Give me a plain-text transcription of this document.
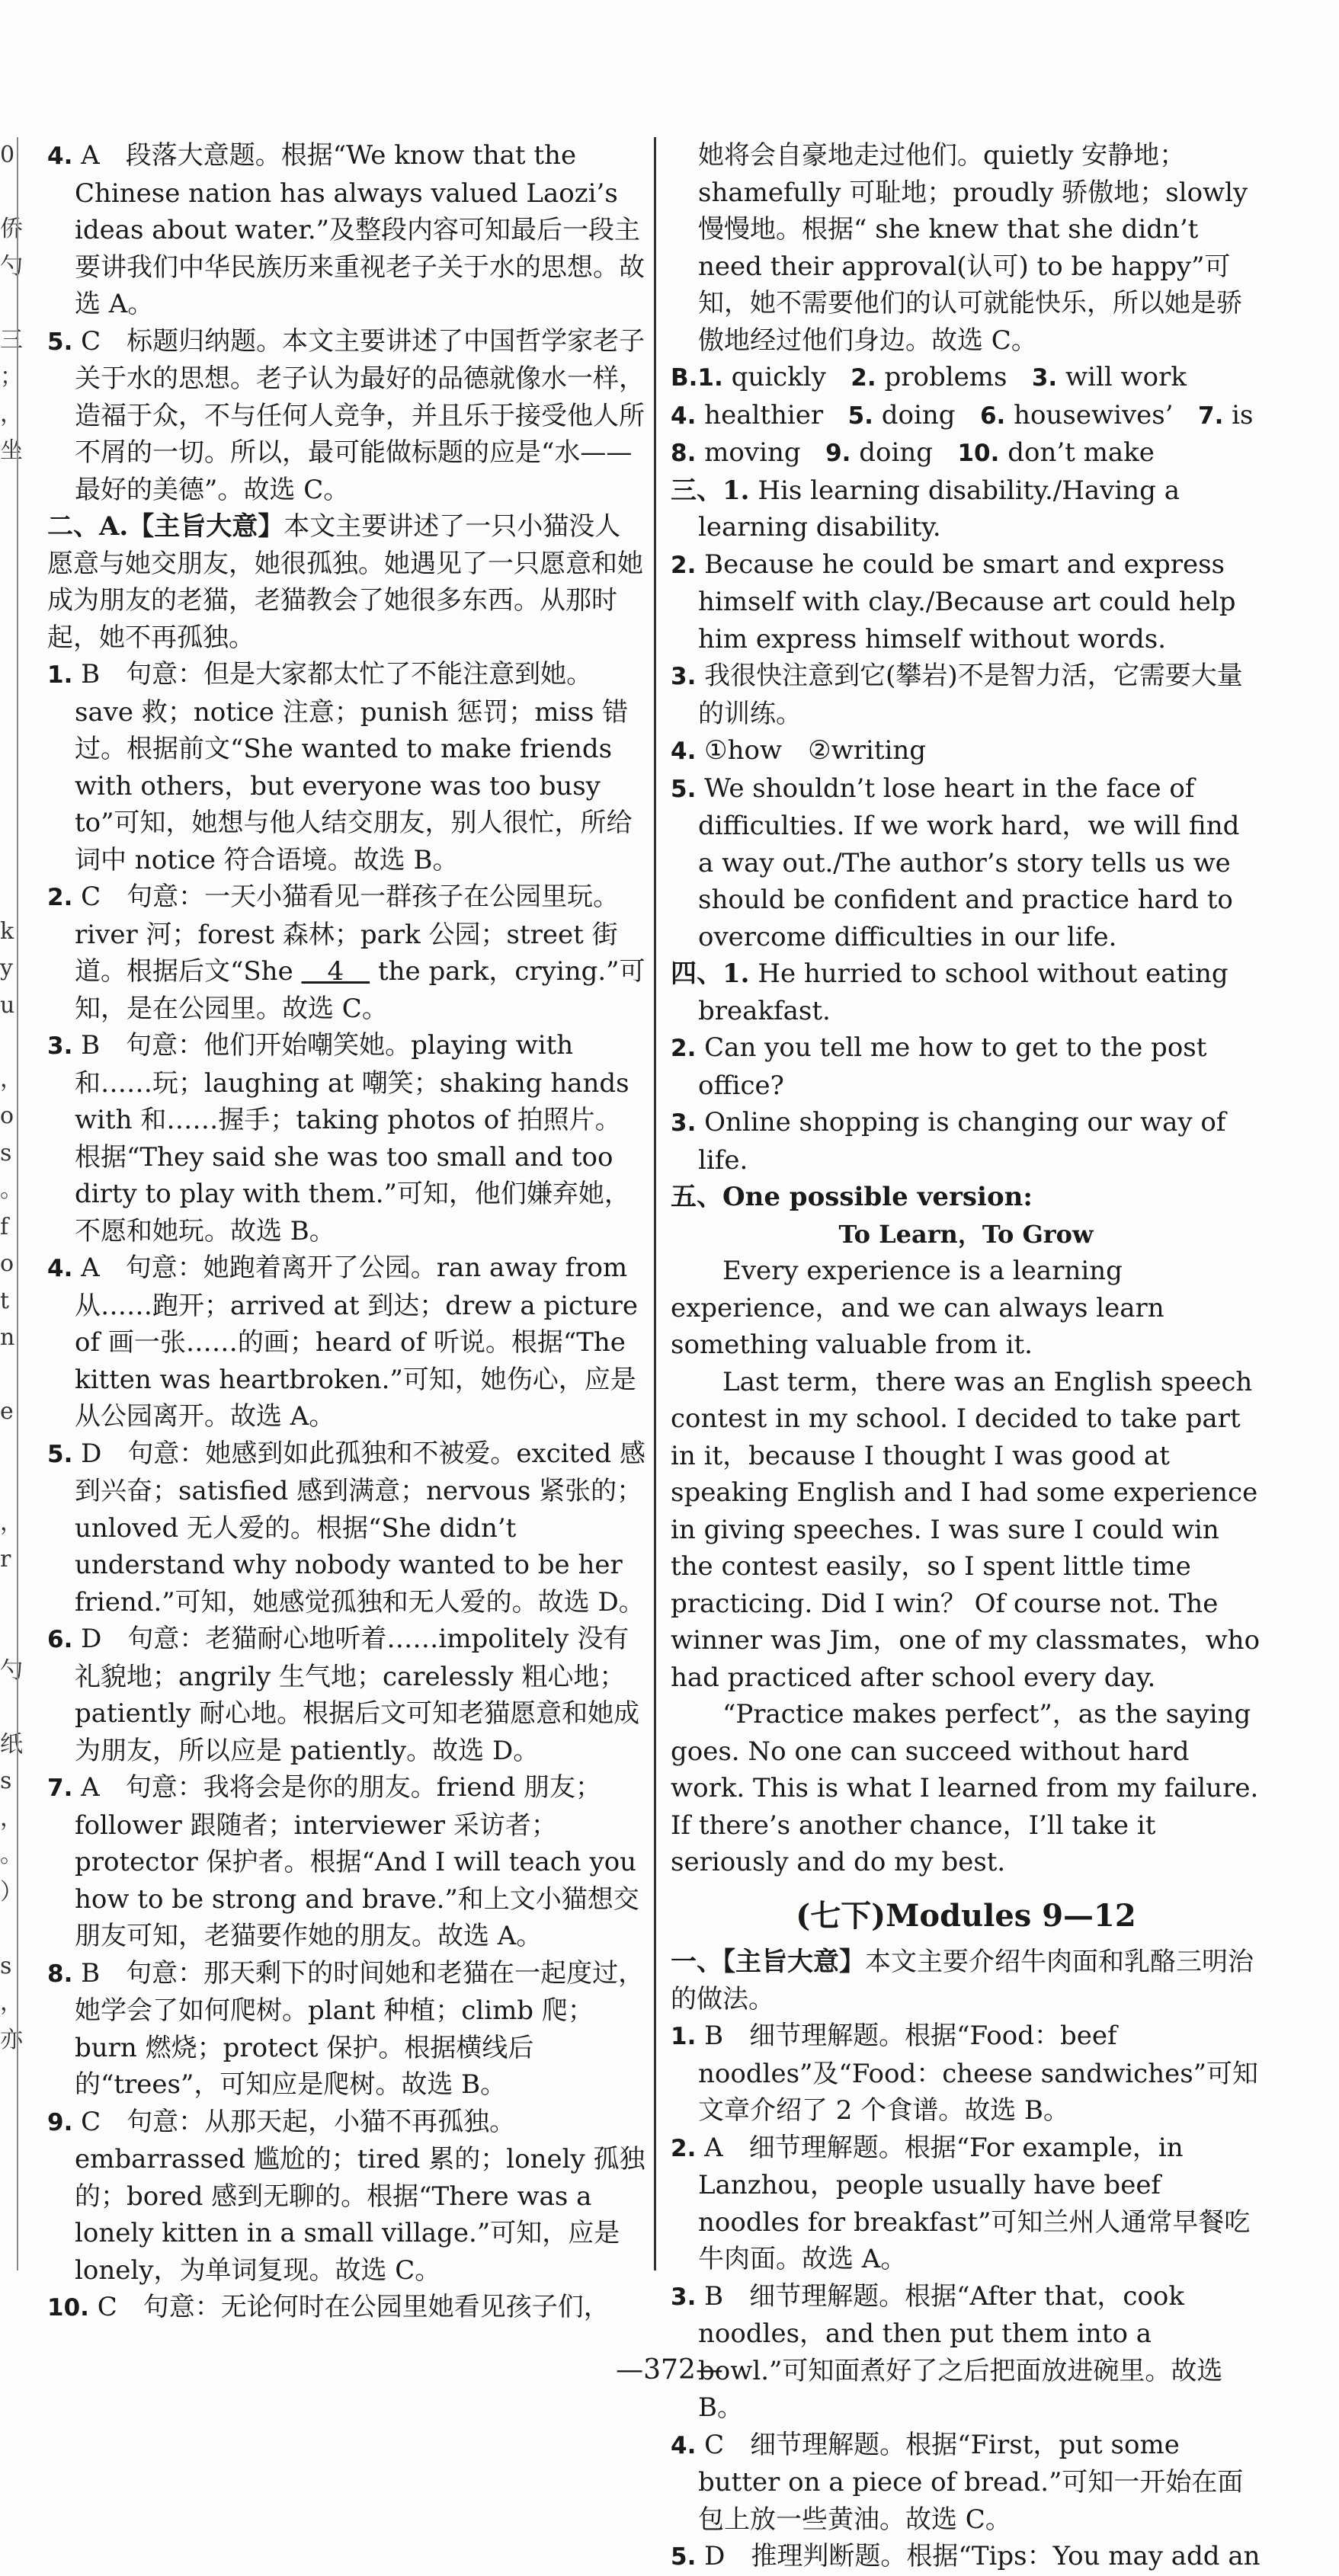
0

侨
勺

三
；
，
坐

k
y
u

，
o
s
。
f
o
t
n

e

，
r

勺

纸
s
，
。
）

s
，
亦

4. A　段落大意题。根据“We know that the Chinese nation has always valued Laozi’s ideas about water.”及整段内容可知最后一段主要讲我们中华民族历来重视老子关于水的思想。故选 A。

5. C　标题归纳题。本文主要讲述了中国哲学家老子关于水的思想。老子认为最好的品德就像水一样，造福于众，不与任何人竞争，并且乐于接受他人所不屑的一切。所以，最可能做标题的应是“水——最好的美德”。故选 C。

二、A.【主旨大意】本文主要讲述了一只小猫没人愿意与她交朋友，她很孤独。她遇见了一只愿意和她成为朋友的老猫，老猫教会了她很多东西。从那时起，她不再孤独。

1. B　句意：但是大家都太忙了不能注意到她。save 救；notice 注意；punish 惩罚；miss 错过。根据前文“She wanted to make friends with others，but everyone was too busy to”可知，她想与他人结交朋友，别人很忙，所给词中 notice 符合语境。故选 B。

2. C　句意：一天小猫看见一群孩子在公园里玩。river 河；forest 森林；park 公园；street 街道。根据后文“She 　4　 the park，crying.”可知，是在公园里。故选 C。

3. B　句意：他们开始嘲笑她。playing with 和……玩；laughing at 嘲笑；shaking hands with 和……握手；taking photos of 拍照片。根据“They said she was too small and too dirty to play with them.”可知，他们嫌弃她，不愿和她玩。故选 B。

4. A　句意：她跑着离开了公园。ran away from 从……跑开；arrived at 到达；drew a picture of 画一张……的画；heard of 听说。根据“The kitten was heartbroken.”可知，她伤心，应是从公园离开。故选 A。

5. D　句意：她感到如此孤独和不被爱。excited 感到兴奋；satisfied 感到满意；nervous 紧张的；unloved 无人爱的。根据“She didn’t understand why nobody wanted to be her friend.”可知，她感觉孤独和无人爱的。故选 D。

6. D　句意：老猫耐心地听着……impolitely 没有礼貌地；angrily 生气地；carelessly 粗心地；patiently 耐心地。根据后文可知老猫愿意和她成为朋友，所以应是 patiently。故选 D。

7. A　句意：我将会是你的朋友。friend 朋友；follower 跟随者；interviewer 采访者；protector 保护者。根据“And I will teach you how to be strong and brave.”和上文小猫想交朋友可知，老猫要作她的朋友。故选 A。

8. B　句意：那天剩下的时间她和老猫在一起度过，她学会了如何爬树。plant 种植；climb 爬；burn 燃烧；protect 保护。根据横线后的“trees”，可知应是爬树。故选 B。

9. C　句意：从那天起，小猫不再孤独。embarrassed 尴尬的；tired 累的；lonely 孤独的；bored 感到无聊的。根据“There was a lonely kitten in a small village.”可知，应是 lonely，为单词复现。故选 C。

10. C　句意：无论何时在公园里她看见孩子们，

她将会自豪地走过他们。quietly 安静地；shamefully 可耻地；proudly 骄傲地；slowly 慢慢地。根据“ she knew that she didn’t need their approval(认可) to be happy”可知，她不需要他们的认可就能快乐，所以她是骄傲地经过他们身边。故选 C。

B.1. quickly 2. problems 3. will work

4. healthier 5. doing 6. housewives’ 7. is

8. moving 9. doing 10. don’t make

三、1. His learning disability./Having a learning disability.

2. Because he could be smart and express himself with clay./Because art could help him express himself without words.

3. 我很快注意到它(攀岩)不是智力活，它需要大量的训练。

4. ①how　②writing

5. We shouldn’t lose heart in the face of difficulties. If we work hard，we will find a way out./The author’s story tells us we should be confident and practice hard to overcome difficulties in our life.

四、1. He hurried to school without eating breakfast.

2. Can you tell me how to get to the post office?

3. Online shopping is changing our way of life.

五、One possible version:

To Learn，To Grow

Every experience is a learning experience，and we can always learn something valuable from it.

Last term，there was an English speech contest in my school. I decided to take part in it，because I thought I was good at speaking English and I had some experience in giving speeches. I was sure I could win the contest easily，so I spent little time practicing. Did I win？ Of course not. The winner was Jim，one of my classmates，who had practiced after school every day.

“Practice makes perfect”，as the saying goes. No one can succeed without hard work. This is what I learned from my failure. If there’s another chance，I’ll take it seriously and do my best.

(七下)Modules 9—12

一、【主旨大意】本文主要介绍牛肉面和乳酪三明治的做法。

1. B　细节理解题。根据“Food：beef noodles”及“Food：cheese sandwiches”可知文章介绍了 2 个食谱。故选 B。

2. A　细节理解题。根据“For example，in Lanzhou，people usually have beef noodles for breakfast”可知兰州人通常早餐吃牛肉面。故选 A。

3. B　细节理解题。根据“After that，cook noodles，and then put them into a bowl.”可知面煮好了之后把面放进碗里。故选 B。

4. C　细节理解题。根据“First，put some butter on a piece of bread.”可知一开始在面包上放一些黄油。故选 C。

5. D　推理判断题。根据“Tips：You may add an

—372—
